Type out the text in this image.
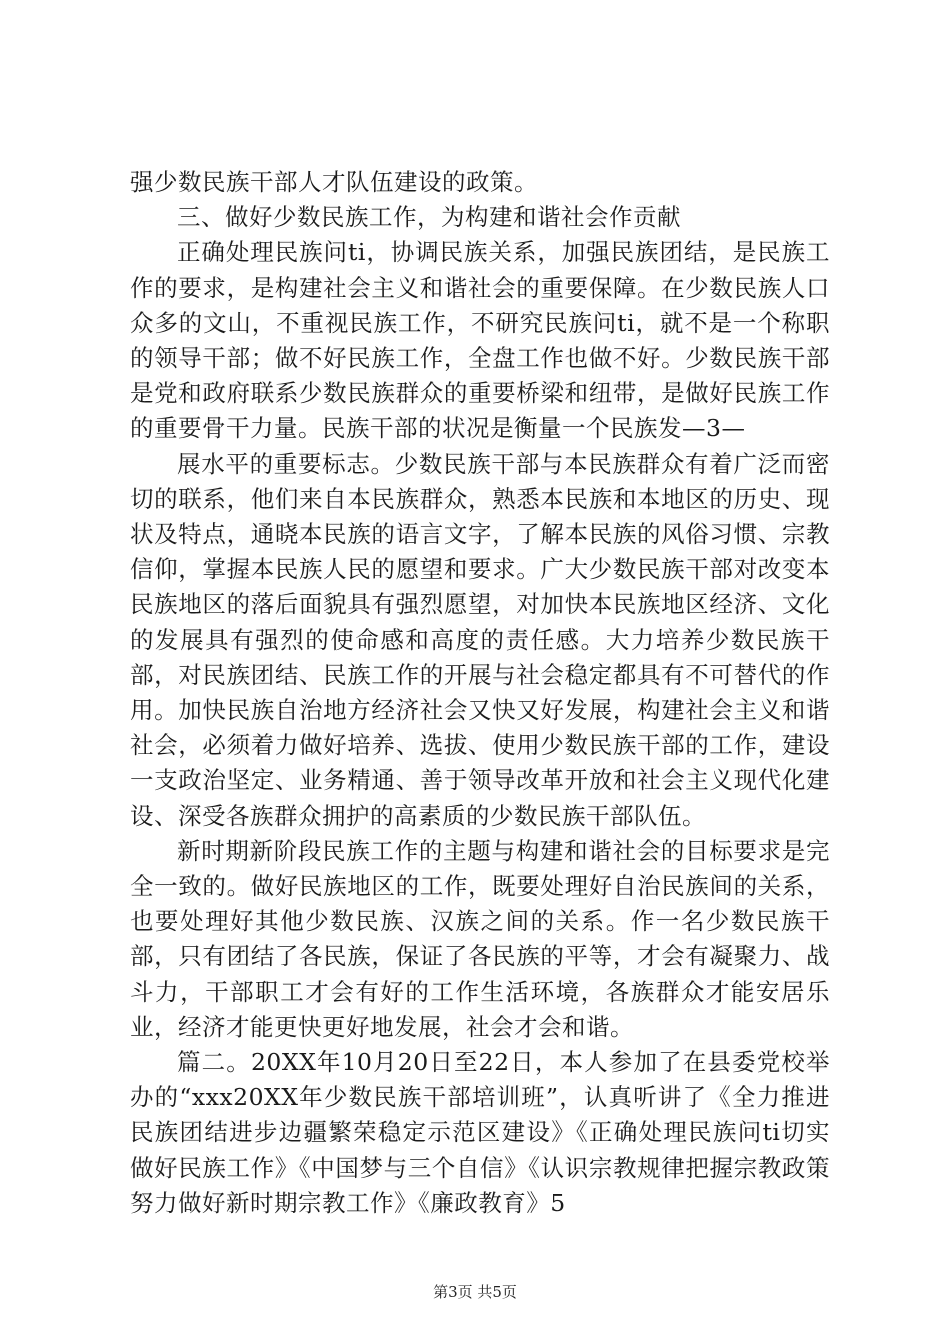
强少数民族干部人才队伍建设的政策。

三、做好少数民族工作，为构建和谐社会作贡献

正确处理民族问ti，协调民族关系，加强民族团结，是民族工作的要求，是构建社会主义和谐社会的重要保障。在少数民族人口众多的文山，不重视民族工作，不研究民族问ti，就不是一个称职的领导干部；做不好民族工作，全盘工作也做不好。少数民族干部是党和政府联系少数民族群众的重要桥梁和纽带，是做好民族工作的重要骨干力量。民族干部的状况是衡量一个民族发—3—

展水平的重要标志。少数民族干部与本民族群众有着广泛而密切的联系，他们来自本民族群众，熟悉本民族和本地区的历史、现状及特点，通晓本民族的语言文字，了解本民族的风俗习惯、宗教信仰，掌握本民族人民的愿望和要求。广大少数民族干部对改变本民族地区的落后面貌具有强烈愿望，对加快本民族地区经济、文化的发展具有强烈的使命感和高度的责任感。大力培养少数民族干部，对民族团结、民族工作的开展与社会稳定都具有不可替代的作用。加快民族自治地方经济社会又快又好发展，构建社会主义和谐社会，必须着力做好培养、选拔、使用少数民族干部的工作，建设一支政治坚定、业务精通、善于领导改革开放和社会主义现代化建设、深受各族群众拥护的高素质的少数民族干部队伍。

新时期新阶段民族工作的主题与构建和谐社会的目标要求是完全一致的。做好民族地区的工作，既要处理好自治民族间的关系，也要处理好其他少数民族、汉族之间的关系。作一名少数民族干部，只有团结了各民族，保证了各民族的平等，才会有凝聚力、战斗力，干部职工才会有好的工作生活环境，各族群众才能安居乐业，经济才能更快更好地发展，社会才会和谐。

篇二。20XX年10月20日至22日，本人参加了在县委党校举办的“xxx20XX年少数民族干部培训班”，认真听讲了《全力推进民族团结进步边疆繁荣稳定示范区建设》《正确处理民族问ti切实做好民族工作》《中国梦与三个自信》《认识宗教规律把握宗教政策努力做好新时期宗教工作》《廉政教育》5

第3页 共5页
